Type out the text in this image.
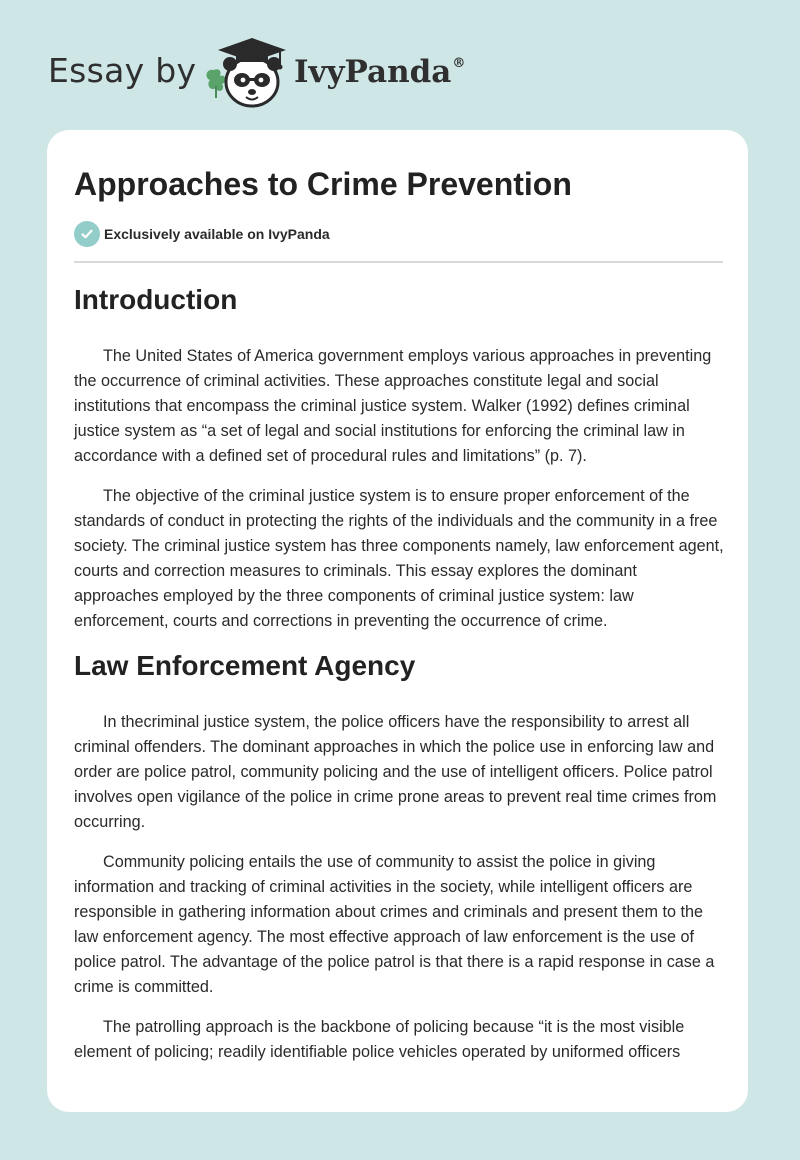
Essay by	IvyPanda®
Approaches to Crime Prevention
Exclusively available on IvyPanda
Introduction

The United States of America government employs various approaches in preventing the occurrence of criminal activities. These approaches constitute legal and social institutions that encompass the criminal justice system. Walker (1992) defines criminal justice system as “a set of legal and social institutions for enforcing the criminal law in accordance with a defined set of procedural rules and limitations” (p. 7).

The objective of the criminal justice system is to ensure proper enforcement of the standards of conduct in protecting the rights of the individuals and the community in a free society. The criminal justice system has three components namely, law enforcement agent, courts and correction measures to criminals. This essay explores the dominant approaches employed by the three components of criminal justice system: law enforcement, courts and corrections in preventing the occurrence of crime.

Law Enforcement Agency

In thecriminal justice system, the police officers have the responsibility to arrest all criminal offenders. The dominant approaches in which the police use in enforcing law and order are police patrol, community policing and the use of intelligent officers. Police patrol involves open vigilance of the police in crime prone areas to prevent real time crimes from occurring.

Community policing entails the use of community to assist the police in giving information and tracking of criminal activities in the society, while intelligent officers are responsible in gathering information about crimes and criminals and present them to the law enforcement agency. The most effective approach of law enforcement is the use of police patrol. The advantage of the police patrol is that there is a rapid response in case a crime is committed.

The patrolling approach is the backbone of policing because “it is the most visible element of policing; readily identifiable police vehicles operated by uniformed officers
